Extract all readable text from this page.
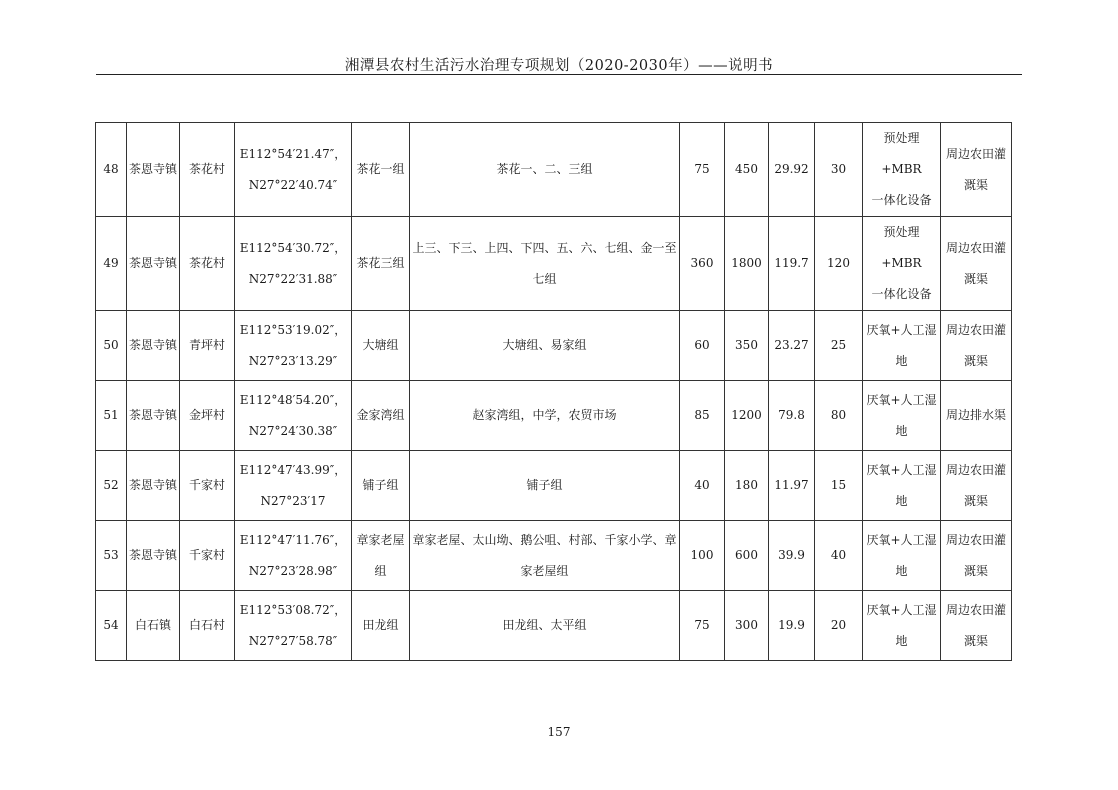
湘潭县农村生活污水治理专项规划（2020-2030年）——说明书
48	茶恩寺镇	茶花村	E112°54′21.47″，
N27°22′40.74″	茶花一组	茶花一、二、三组	75	450	29.92	30	预处理+MBR
一体化设备	周边农田灌
溉渠

49	茶恩寺镇	茶花村	E112°54′30.72″，
N27°22′31.88″	茶花三组	上三、下三、上四、下四、五、六、七组、金一至七组	360	1800	119.7	120	预处理+MBR
一体化设备	周边农田灌
溉渠

50	茶恩寺镇	青坪村	E112°53′19.02″，
N27°23′13.29″	大塘组	大塘组、易家组	60	350	23.27	25	厌氧+人工湿
地	周边农田灌
溉渠

51	茶恩寺镇	金坪村	E112°48′54.20″，
N27°24′30.38″	金家湾组	赵家湾组，中学，农贸市场	85	1200	79.8	80	厌氧+人工湿
地	周边排水渠

52	茶恩寺镇	千家村	E112°47′43.99″，
N27°23′17	铺子组	铺子组	40	180	11.97	15	厌氧+人工湿
地	周边农田灌
溉渠

53	茶恩寺镇	千家村	E112°47′11.76″，
N27°23′28.98″	章家老屋组	章家老屋、太山坳、鹅公咀、村部、千家小学、章家老屋组	100	600	39.9	40	厌氧+人工湿
地	周边农田灌
溉渠

54	白石镇	白石村	E112°53′08.72″，
N27°27′58.78″	田龙组	田龙组、太平组	75	300	19.9	20	厌氧+人工湿
地	周边农田灌
溉渠
157
